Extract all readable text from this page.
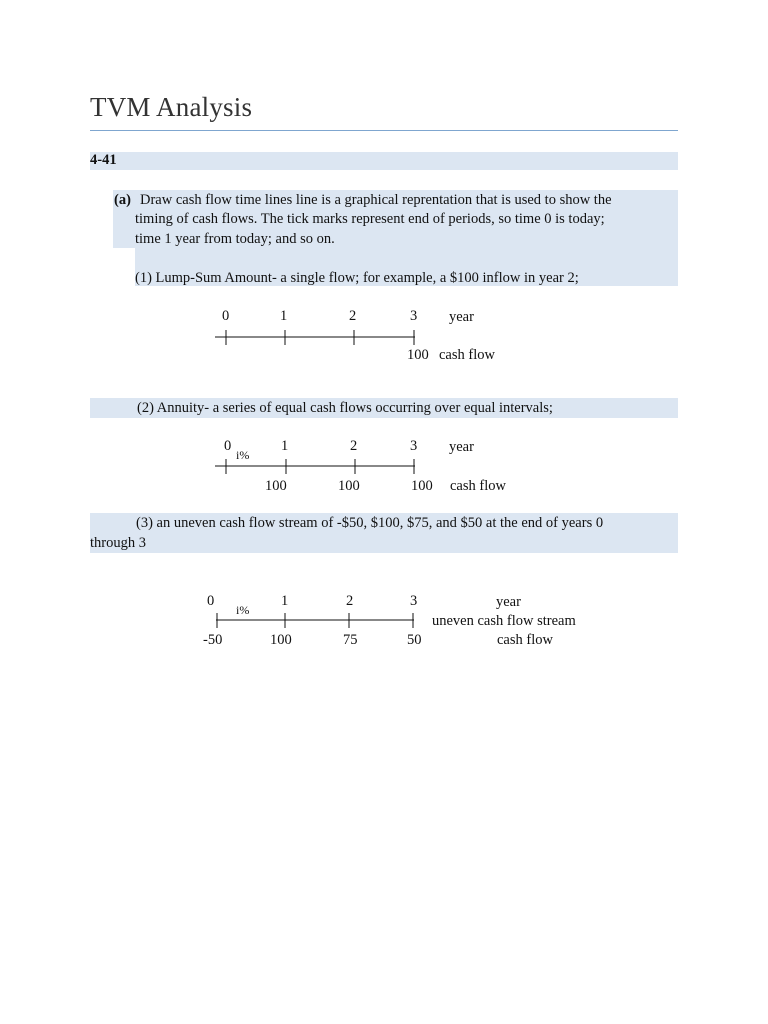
TVM Analysis
4-41
(a) Draw cash flow time lines line is a graphical reprentation that is used to show the
timing of cash flows. The tick marks represent end of periods, so time 0 is today;
time 1 year from today; and so on.
(1) Lump-Sum Amount- a single flow; for example, a $100 inflow in year 2;
0	1	2	3 year
100 cash flow
(2) Annuity- a series of equal cash flows occurring over equal intervals;
0
i%
1	2	3 year
100	100	100 cash flow
(3) an uneven cash flow stream of -$50, $100, $75, and $50 at the end of years 0
through 3
0
i%
1	2	3	year
uneven cash flow stream
-50	100	75	50	cash flow
